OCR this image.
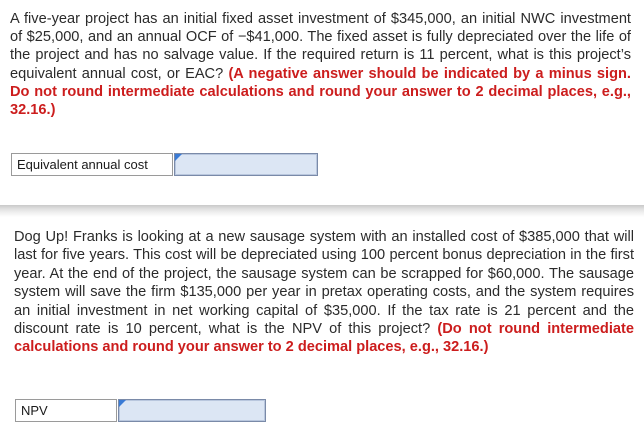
A five-year project has an initial fixed asset investment of $345,000, an initial NWC investment of $25,000, and an annual OCF of −$41,000. The fixed asset is fully depreciated over the life of the project and has no salvage value. If the required return is 11 percent, what is this project’s equivalent annual cost, or EAC? (A negative answer should be indicated by a minus sign. Do not round intermediate calculations and round your answer to 2 decimal places, e.g., 32.16.)
Equivalent annual cost
Dog Up! Franks is looking at a new sausage system with an installed cost of $385,000 that will last for five years. This cost will be depreciated using 100 percent bonus depreciation in the first year. At the end of the project, the sausage system can be scrapped for $60,000. The sausage system will save the firm $135,000 per year in pretax operating costs, and the system requires an initial investment in net working capital of $35,000. If the tax rate is 21 percent and the discount rate is 10 percent, what is the NPV of this project? (Do not round intermediate calculations and round your answer to 2 decimal places, e.g., 32.16.)
NPV
